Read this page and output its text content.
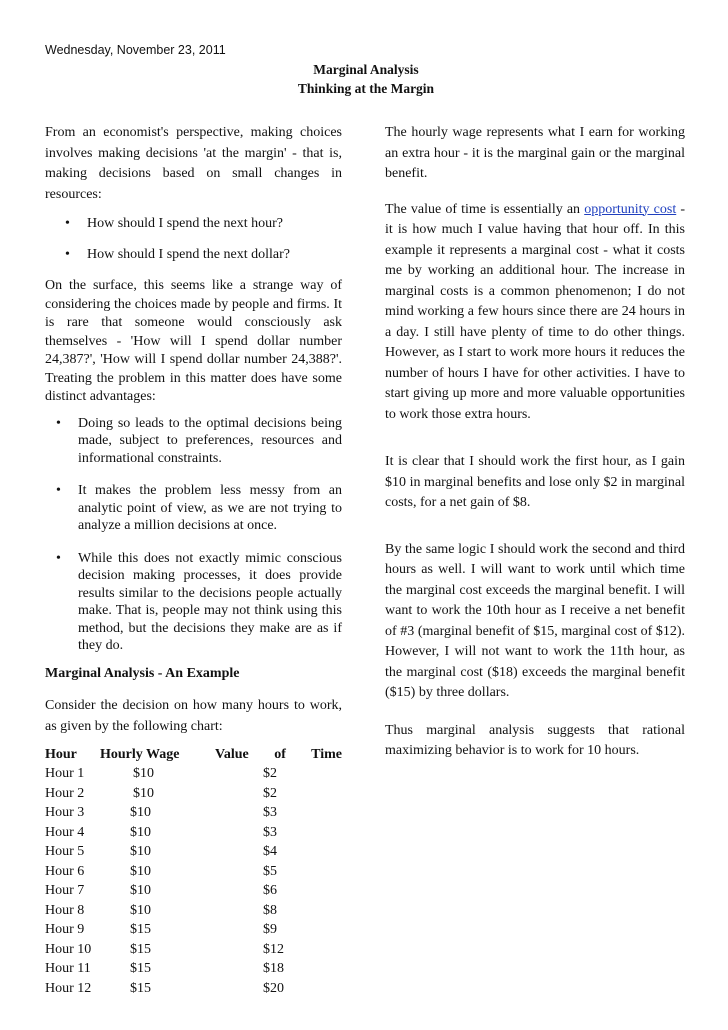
Wednesday, November 23, 2011
Marginal Analysis
Thinking at the Margin

From an economist's perspective, making choices involves making decisions 'at the margin' - that is, making decisions based on small changes in resources:

• How should I spend the next hour?
• How should I spend the next dollar?

On the surface, this seems like a strange way of considering the choices made by people and firms. It is rare that someone would consciously ask themselves - 'How will I spend dollar number 24,387?', 'How will I spend dollar number 24,388?'. Treating the problem in this matter does have some distinct advantages:

• Doing so leads to the optimal decisions being made, subject to preferences, resources and informational constraints.
• It makes the problem less messy from an analytic point of view, as we are not trying to analyze a million decisions at once.
• While this does not exactly mimic conscious decision making processes, it does provide results similar to the decisions people actually make. That is, people may not think using this method, but the decisions they make are as if they do.
Marginal Analysis - An Example

Consider the decision on how many hours to work, as given by the following chart:

Hour	Hourly Wage	Value of Time
Hour 1	$10	$2
Hour 2	$10	$2
Hour 3	$10	$3
Hour 4	$10	$3
Hour 5	$10	$4
Hour 6	$10	$5
Hour 7	$10	$6
Hour 8	$10	$8
Hour 9	$15	$9
Hour 10	$15	$12
Hour 11	$15	$18
Hour 12	$15	$20

The hourly wage represents what I earn for working an extra hour - it is the marginal gain or the marginal benefit.

The value of time is essentially an opportunity cost - it is how much I value having that hour off. In this example it represents a marginal cost - what it costs me by working an additional hour. The increase in marginal costs is a common phenomenon; I do not mind working a few hours since there are 24 hours in a day. I still have plenty of time to do other things. However, as I start to work more hours it reduces the number of hours I have for other activities. I have to start giving up more and more valuable opportunities to work those extra hours.

It is clear that I should work the first hour, as I gain $10 in marginal benefits and lose only $2 in marginal costs, for a net gain of $8.

By the same logic I should work the second and third hours as well. I will want to work until which time the marginal cost exceeds the marginal benefit. I will want to work the 10th hour as I receive a net benefit of #3 (marginal benefit of $15, marginal cost of $12). However, I will not want to work the 11th hour, as the marginal cost ($18) exceeds the marginal benefit ($15) by three dollars.

Thus marginal analysis suggests that rational maximizing behavior is to work for 10 hours.
